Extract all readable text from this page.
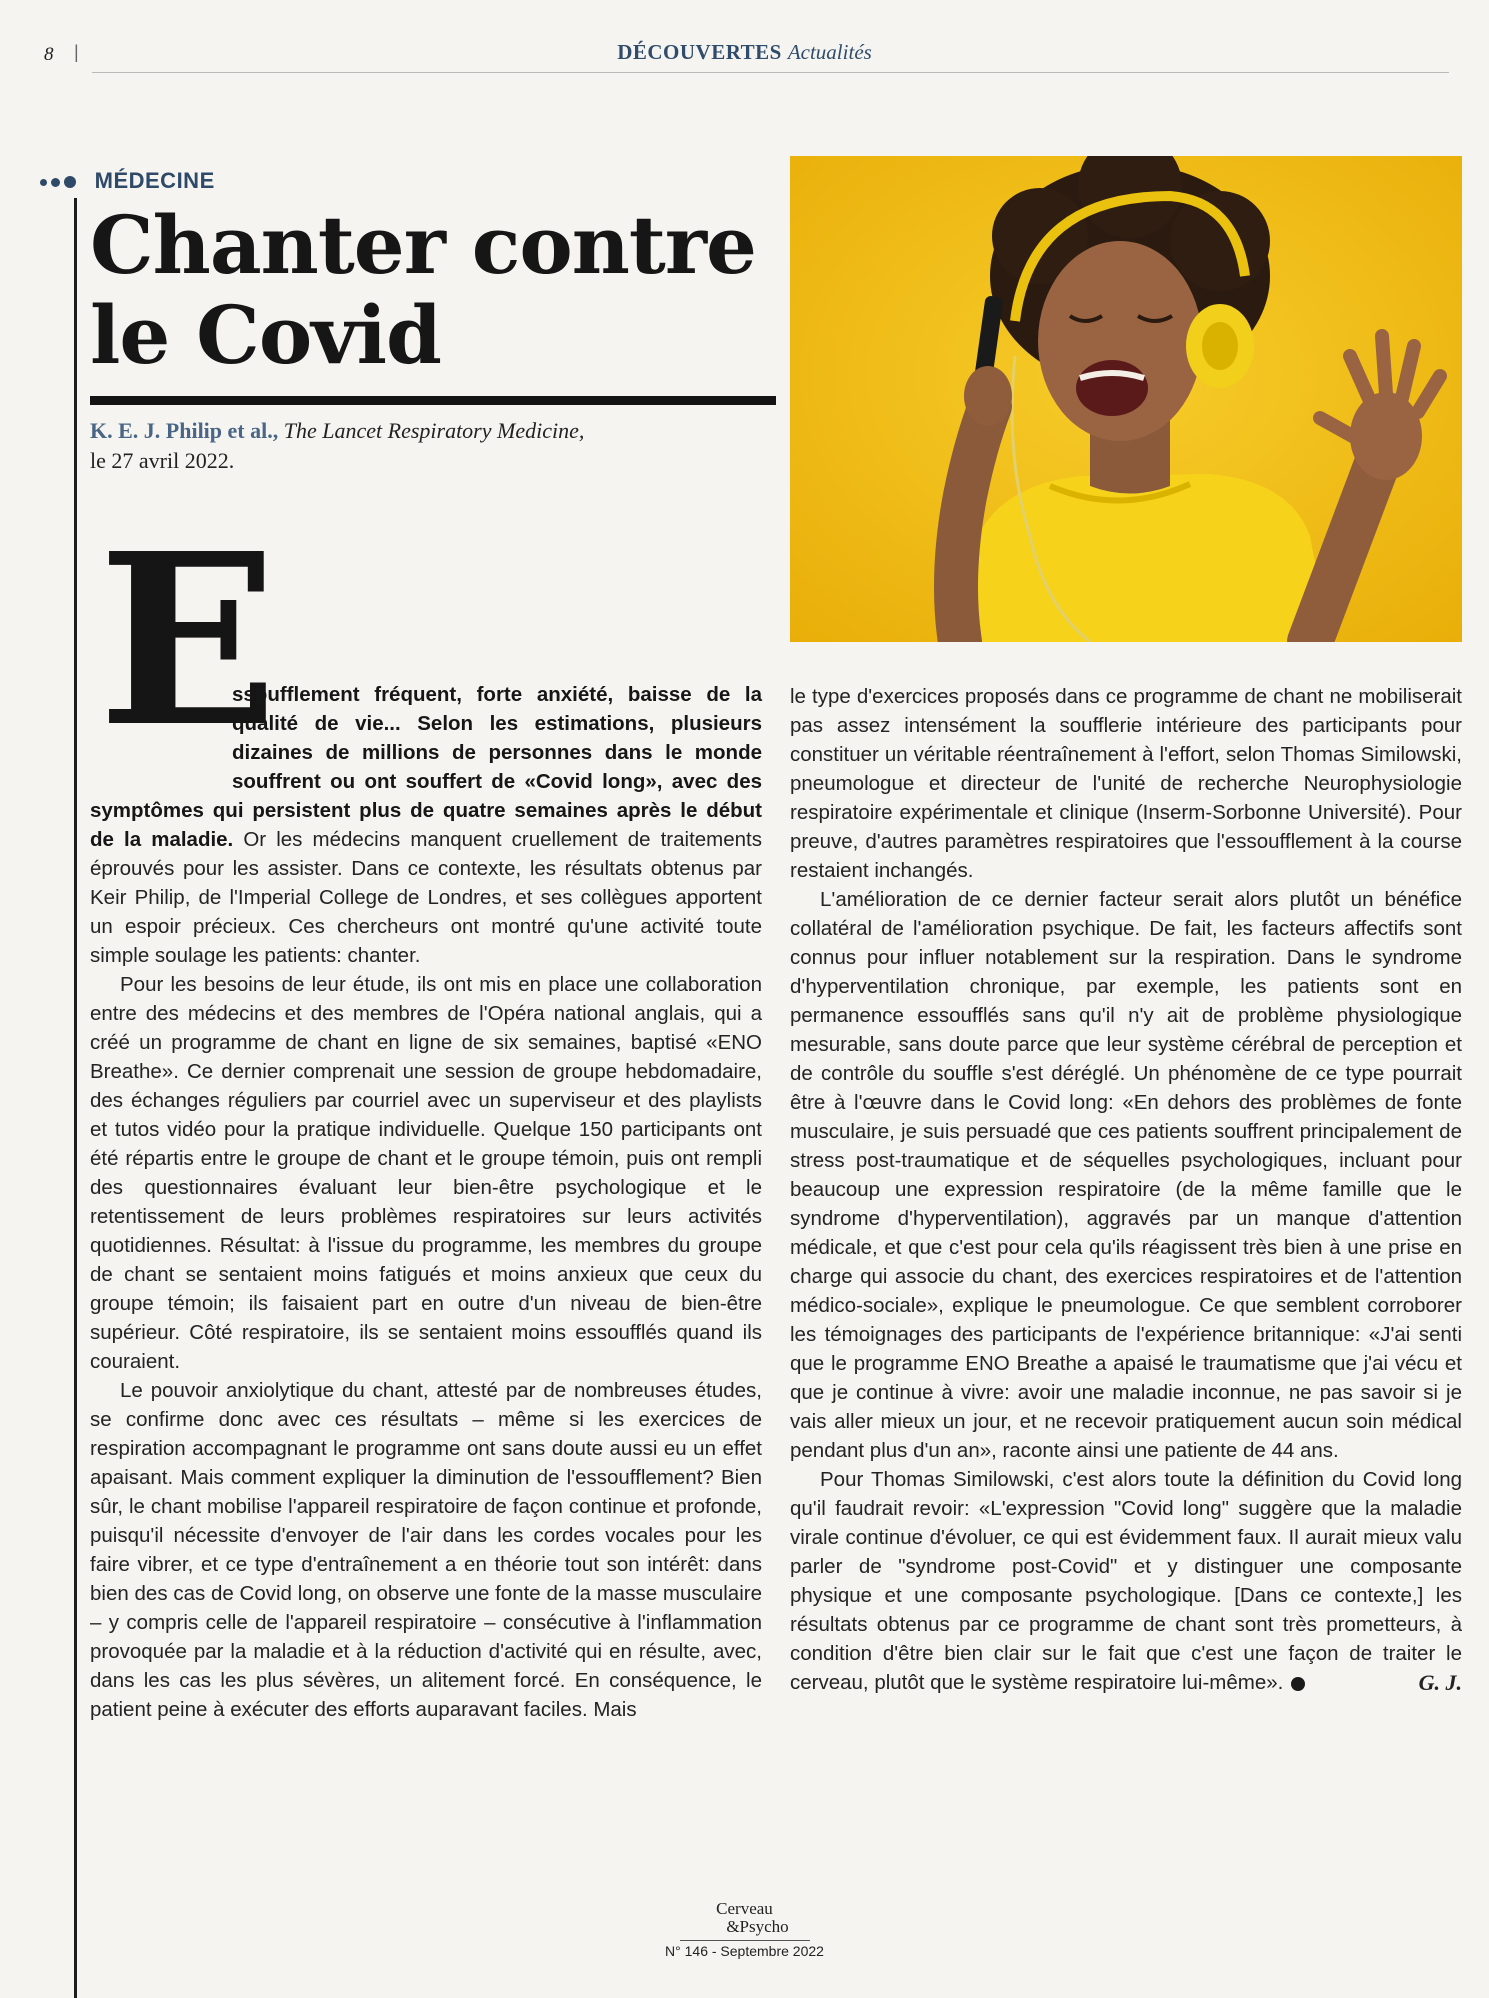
8 |	DÉCOUVERTES Actualités
MÉDECINE
Chanter contre
le Covid
K. E. J. Philip et al., The Lancet Respiratory Medicine,
le 27 avril 2022.
E

ssoufflement fréquent, forte anxiété, baisse de la qualité de vie... Selon les estimations, plusieurs dizaines de millions de personnes dans le monde souffrent ou ont souffert de «Covid long», avec des symptômes qui persistent plus de quatre semaines après le début de la maladie. Or les médecins manquent cruellement de traitements éprouvés pour les assister. Dans ce contexte, les résultats obtenus par Keir Philip, de l'Imperial College de Londres, et ses collègues apportent un espoir précieux. Ces chercheurs ont montré qu'une activité toute simple soulage les patients: chanter.

Pour les besoins de leur étude, ils ont mis en place une collaboration entre des médecins et des membres de l'Opéra national anglais, qui a créé un programme de chant en ligne de six semaines, baptisé «ENO Breathe». Ce dernier comprenait une session de groupe hebdomadaire, des échanges réguliers par courriel avec un superviseur et des playlists et tutos vidéo pour la pratique individuelle. Quelque 150 participants ont été répartis entre le groupe de chant et le groupe témoin, puis ont rempli des questionnaires évaluant leur bien-être psychologique et le retentissement de leurs problèmes respiratoires sur leurs activités quotidiennes. Résultat: à l'issue du programme, les membres du groupe de chant se sentaient moins fatigués et moins anxieux que ceux du groupe témoin; ils faisaient part en outre d'un niveau de bien-être supérieur. Côté respiratoire, ils se sentaient moins essoufflés quand ils couraient.

Le pouvoir anxiolytique du chant, attesté par de nombreuses études, se confirme donc avec ces résultats – même si les exercices de respiration accompagnant le programme ont sans doute aussi eu un effet apaisant. Mais comment expliquer la diminution de l'essoufflement? Bien sûr, le chant mobilise l'appareil respiratoire de façon continue et profonde, puisqu'il nécessite d'envoyer de l'air dans les cordes vocales pour les faire vibrer, et ce type d'entraînement a en théorie tout son intérêt: dans bien des cas de Covid long, on observe une fonte de la masse musculaire – y compris celle de l'appareil respiratoire – consécutive à l'inflammation provoquée par la maladie et à la réduction d'activité qui en résulte, avec, dans les cas les plus sévères, un alitement forcé. En conséquence, le patient peine à exécuter des efforts auparavant faciles. Mais

le type d'exercices proposés dans ce programme de chant ne mobiliserait pas assez intensément la soufflerie intérieure des participants pour constituer un véritable réentraînement à l'effort, selon Thomas Similowski, pneumologue et directeur de l'unité de recherche Neurophysiologie respiratoire expérimentale et clinique (Inserm-Sorbonne Université). Pour preuve, d'autres paramètres respiratoires que l'essoufflement à la course restaient inchangés.

L'amélioration de ce dernier facteur serait alors plutôt un bénéfice collatéral de l'amélioration psychique. De fait, les facteurs affectifs sont connus pour influer notablement sur la respiration. Dans le syndrome d'hyperventilation chronique, par exemple, les patients sont en permanence essoufflés sans qu'il n'y ait de problème physiologique mesurable, sans doute parce que leur système cérébral de perception et de contrôle du souffle s'est déréglé. Un phénomène de ce type pourrait être à l'œuvre dans le Covid long: «En dehors des problèmes de fonte musculaire, je suis persuadé que ces patients souffrent principalement de stress post-traumatique et de séquelles psychologiques, incluant pour beaucoup une expression respiratoire (de la même famille que le syndrome d'hyperventilation), aggravés par un manque d'attention médicale, et que c'est pour cela qu'ils réagissent très bien à une prise en charge qui associe du chant, des exercices respiratoires et de l'attention médico-sociale», explique le pneumologue. Ce que semblent corroborer les témoignages des participants de l'expérience britannique: «J'ai senti que le programme ENO Breathe a apaisé le traumatisme que j'ai vécu et que je continue à vivre: avoir une maladie inconnue, ne pas savoir si je vais aller mieux un jour, et ne recevoir pratiquement aucun soin médical pendant plus d'un an», raconte ainsi une patiente de 44 ans.

Pour Thomas Similowski, c'est alors toute la définition du Covid long qu'il faudrait revoir: «L'expression "Covid long" suggère que la maladie virale continue d'évoluer, ce qui est évidemment faux. Il aurait mieux valu parler de "syndrome post-Covid" et y distinguer une composante physique et une composante psychologique. [Dans ce contexte,] les résultats obtenus par ce programme de chant sont très prometteurs, à condition d'être bien clair sur le fait que c'est une façon de traiter le cerveau, plutôt que le système respiratoire lui-même».	G. J.

Cerveau
&Psycho
N° 146 - Septembre 2022
